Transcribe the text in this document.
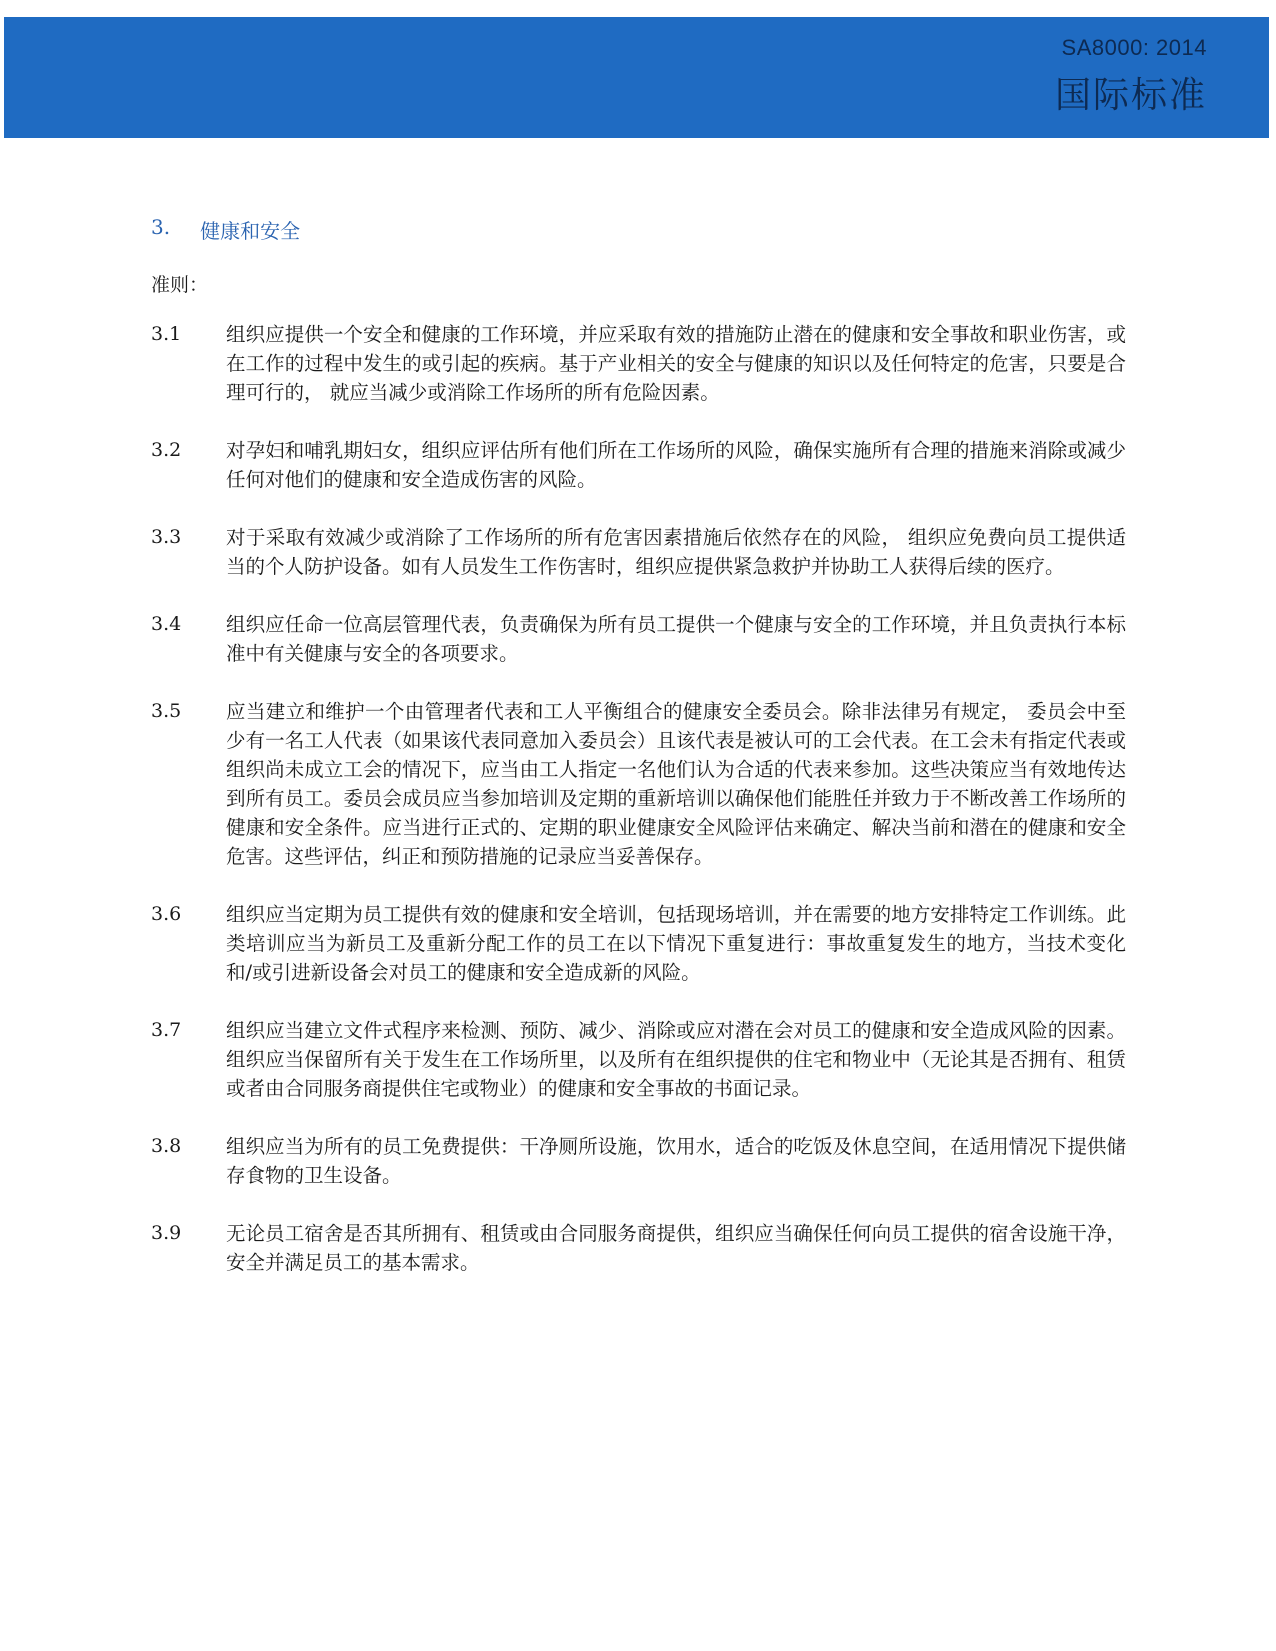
SA8000: 2014
国际标准
3. 健康和安全
准则：
3.1	组织应提供一个安全和健康的工作环境，并应采取有效的措施防止潜在的健康和安全事故和职业伤害，或在工作的过程中发生的或引起的疾病。基于产业相关的安全与健康的知识以及任何特定的危害，只要是合理可行的， 就应当减少或消除工作场所的所有危险因素。
3.2	对孕妇和哺乳期妇女，组织应评估所有他们所在工作场所的风险，确保实施所有合理的措施来消除或减少任何对他们的健康和安全造成伤害的风险。
3.3	对于采取有效减少或消除了工作场所的所有危害因素措施后依然存在的风险， 组织应免费向员工提供适当的个人防护设备。如有人员发生工作伤害时，组织应提供紧急救护并协助工人获得后续的医疗。
3.4	组织应任命一位高层管理代表，负责确保为所有员工提供一个健康与安全的工作环境，并且负责执行本标准中有关健康与安全的各项要求。
3.5	应当建立和维护一个由管理者代表和工人平衡组合的健康安全委员会。除非法律另有规定， 委员会中至少有一名工人代表（如果该代表同意加入委员会）且该代表是被认可的工会代表。在工会未有指定代表或组织尚未成立工会的情况下，应当由工人指定一名他们认为合适的代表来参加。这些决策应当有效地传达到所有员工。委员会成员应当参加培训及定期的重新培训以确保他们能胜任并致力于不断改善工作场所的健康和安全条件。应当进行正式的、定期的职业健康安全风险评估来确定、解决当前和潜在的健康和安全危害。这些评估，纠正和预防措施的记录应当妥善保存。
3.6	组织应当定期为员工提供有效的健康和安全培训，包括现场培训，并在需要的地方安排特定工作训练。此类培训应当为新员工及重新分配工作的员工在以下情况下重复进行：事故重复发生的地方，当技术变化和/或引进新设备会对员工的健康和安全造成新的风险。
3.7	组织应当建立文件式程序来检测、预防、减少、消除或应对潜在会对员工的健康和安全造成风险的因素。组织应当保留所有关于发生在工作场所里，以及所有在组织提供的住宅和物业中（无论其是否拥有、租赁或者由合同服务商提供住宅或物业）的健康和安全事故的书面记录。
3.8	组织应当为所有的员工免费提供：干净厕所设施，饮用水，适合的吃饭及休息空间，在适用情况下提供储存食物的卫生设备。
3.9	无论员工宿舍是否其所拥有、租赁或由合同服务商提供，组织应当确保任何向员工提供的宿舍设施干净，安全并满足员工的基本需求。
